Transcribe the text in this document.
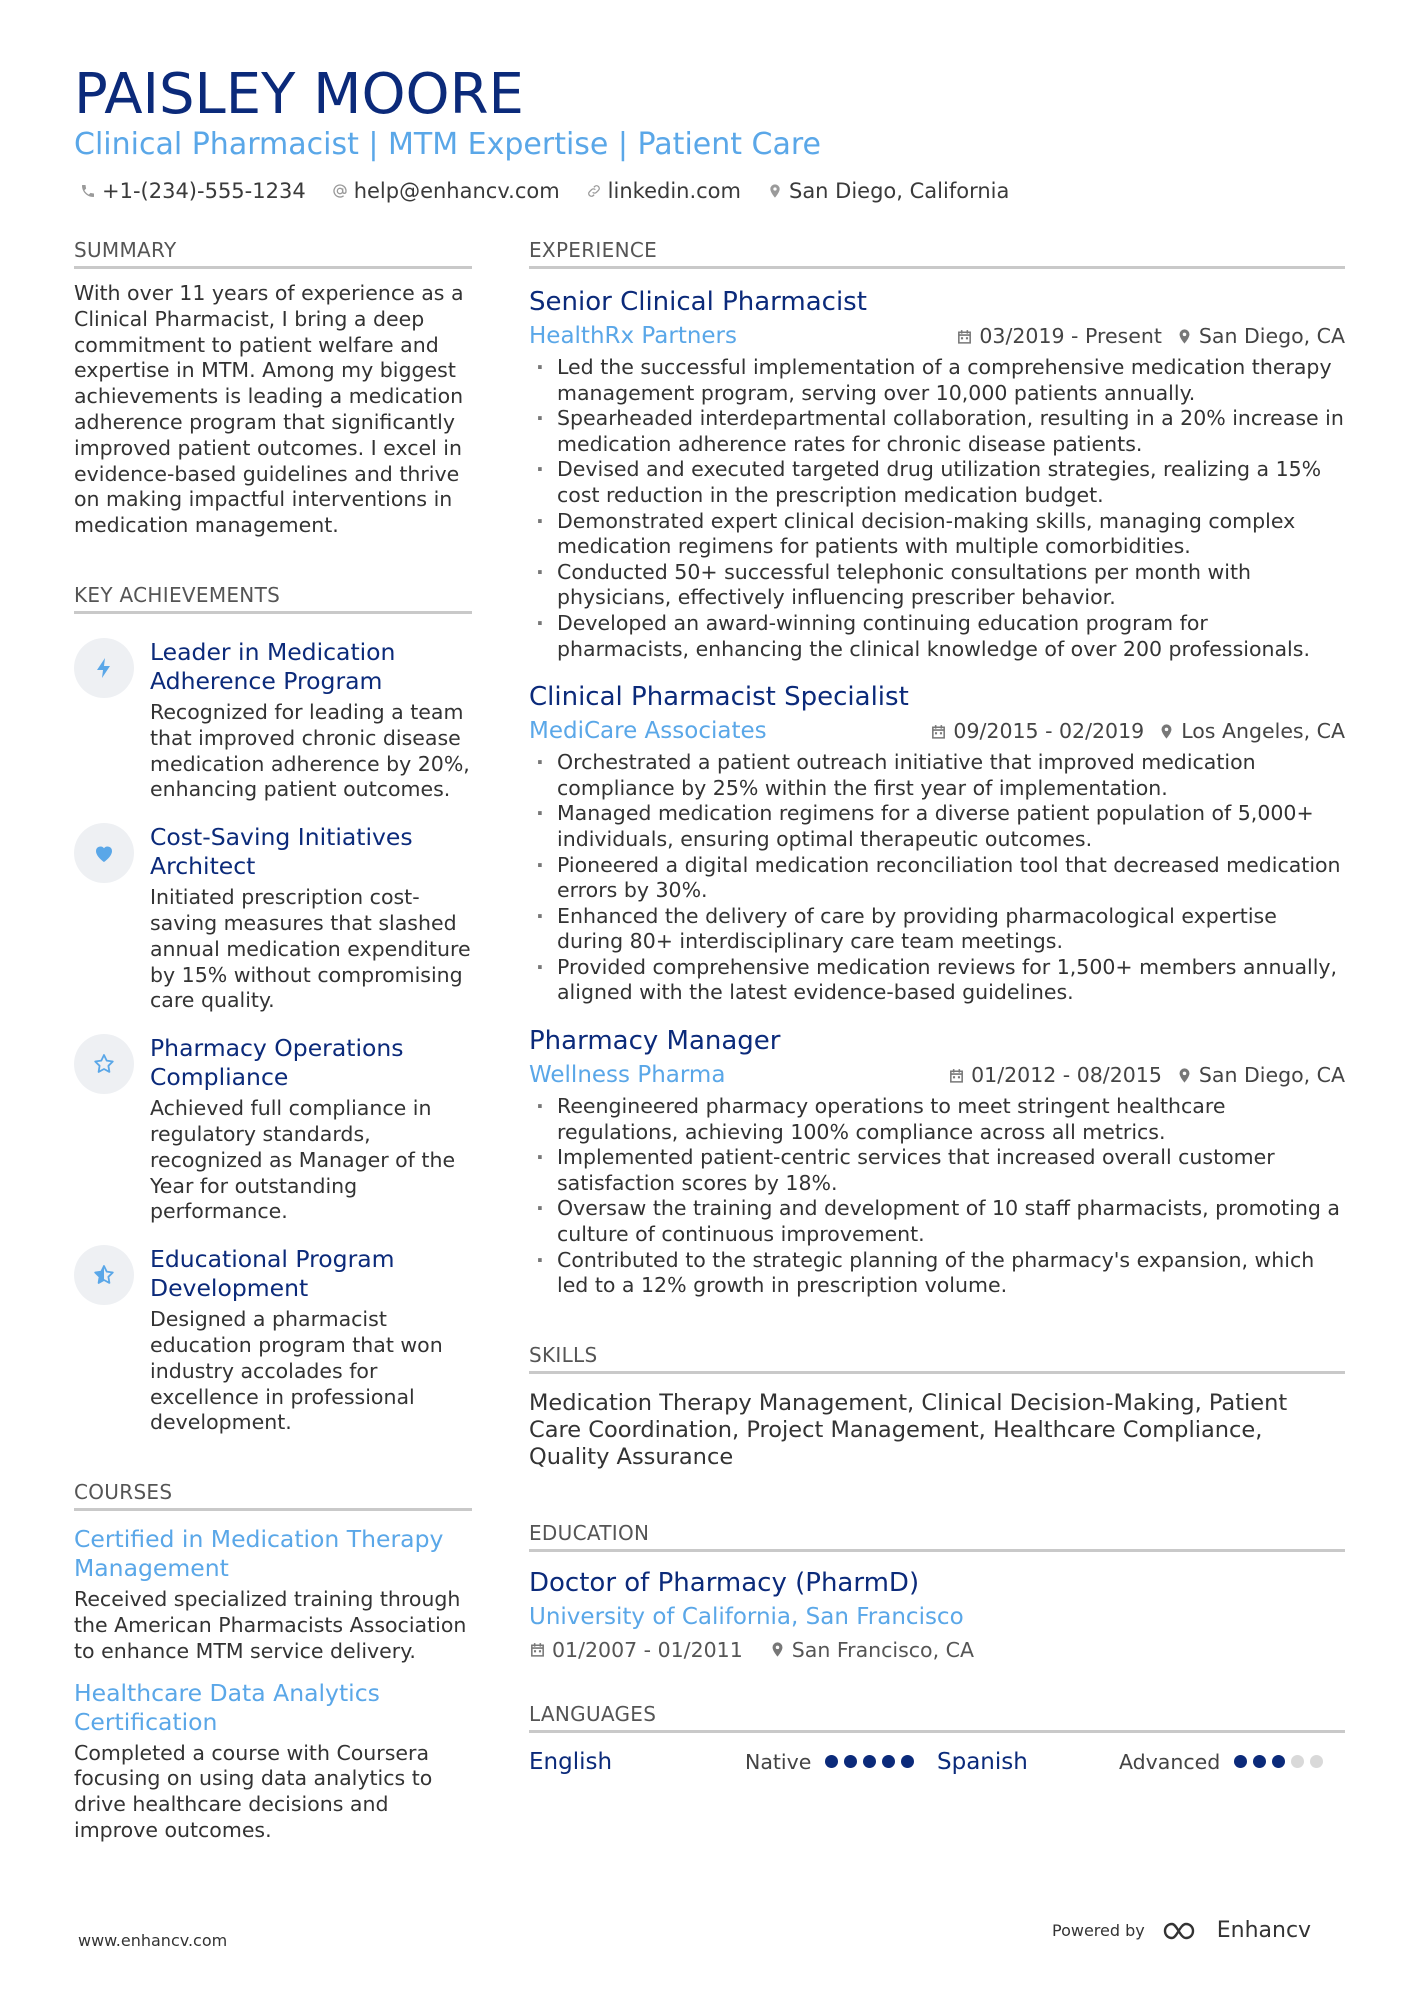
PAISLEY MOORE
Clinical Pharmacist | MTM Expertise | Patient Care
+1-(234)-555-1234 help@enhancv.com linkedin.com San Diego, California
SUMMARY

With over 11 years of experience as a Clinical Pharmacist, I bring a deep commitment to patient welfare and expertise in MTM. Among my biggest achievements is leading a medication adherence program that significantly improved patient outcomes. I excel in evidence-based guidelines and thrive on making impactful interventions in medication management.

KEY ACHIEVEMENTS
Leader in Medication Adherence Program
Recognized for leading a team that improved chronic disease medication adherence by 20%, enhancing patient outcomes.
Cost-Saving Initiatives Architect
Initiated prescription cost-saving measures that slashed annual medication expenditure by 15% without compromising care quality.
Pharmacy Operations Compliance
Achieved full compliance in regulatory standards, recognized as Manager of the Year for outstanding performance.
Educational Program Development
Designed a pharmacist education program that won industry accolades for excellence in professional development.
COURSES
Certified in Medication Therapy Management
Received specialized training through the American Pharmacists Association to enhance MTM service delivery.
Healthcare Data Analytics Certification
Completed a course with Coursera focusing on using data analytics to drive healthcare decisions and improve outcomes.
EXPERIENCE
Senior Clinical Pharmacist
HealthRx Partners	03/2019 - Present San Diego, CA
· Led the successful implementation of a comprehensive medication therapy management program, serving over 10,000 patients annually.
· Spearheaded interdepartmental collaboration, resulting in a 20% increase in medication adherence rates for chronic disease patients.
· Devised and executed targeted drug utilization strategies, realizing a 15% cost reduction in the prescription medication budget.
· Demonstrated expert clinical decision-making skills, managing complex medication regimens for patients with multiple comorbidities.
· Conducted 50+ successful telephonic consultations per month with physicians, effectively influencing prescriber behavior.
· Developed an award-winning continuing education program for pharmacists, enhancing the clinical knowledge of over 200 professionals.
Clinical Pharmacist Specialist
MediCare Associates	09/2015 - 02/2019 Los Angeles, CA
· Orchestrated a patient outreach initiative that improved medication compliance by 25% within the first year of implementation.
· Managed medication regimens for a diverse patient population of 5,000+ individuals, ensuring optimal therapeutic outcomes.
· Pioneered a digital medication reconciliation tool that decreased medication errors by 30%.
· Enhanced the delivery of care by providing pharmacological expertise during 80+ interdisciplinary care team meetings.
· Provided comprehensive medication reviews for 1,500+ members annually, aligned with the latest evidence-based guidelines.
Pharmacy Manager
Wellness Pharma	01/2012 - 08/2015 San Diego, CA
· Reengineered pharmacy operations to meet stringent healthcare regulations, achieving 100% compliance across all metrics.
· Implemented patient-centric services that increased overall customer satisfaction scores by 18%.
· Oversaw the training and development of 10 staff pharmacists, promoting a culture of continuous improvement.
· Contributed to the strategic planning of the pharmacy's expansion, which led to a 12% growth in prescription volume.
SKILLS

Medication Therapy Management, Clinical Decision-Making, Patient Care Coordination, Project Management, Healthcare Compliance, Quality Assurance

EDUCATION
Doctor of Pharmacy (PharmD)
University of California, San Francisco
01/2007 - 01/2011 San Francisco, CA
LANGUAGES
English	Native	Spanish	Advanced
www.enhancv.com
Powered by	Enhancv
